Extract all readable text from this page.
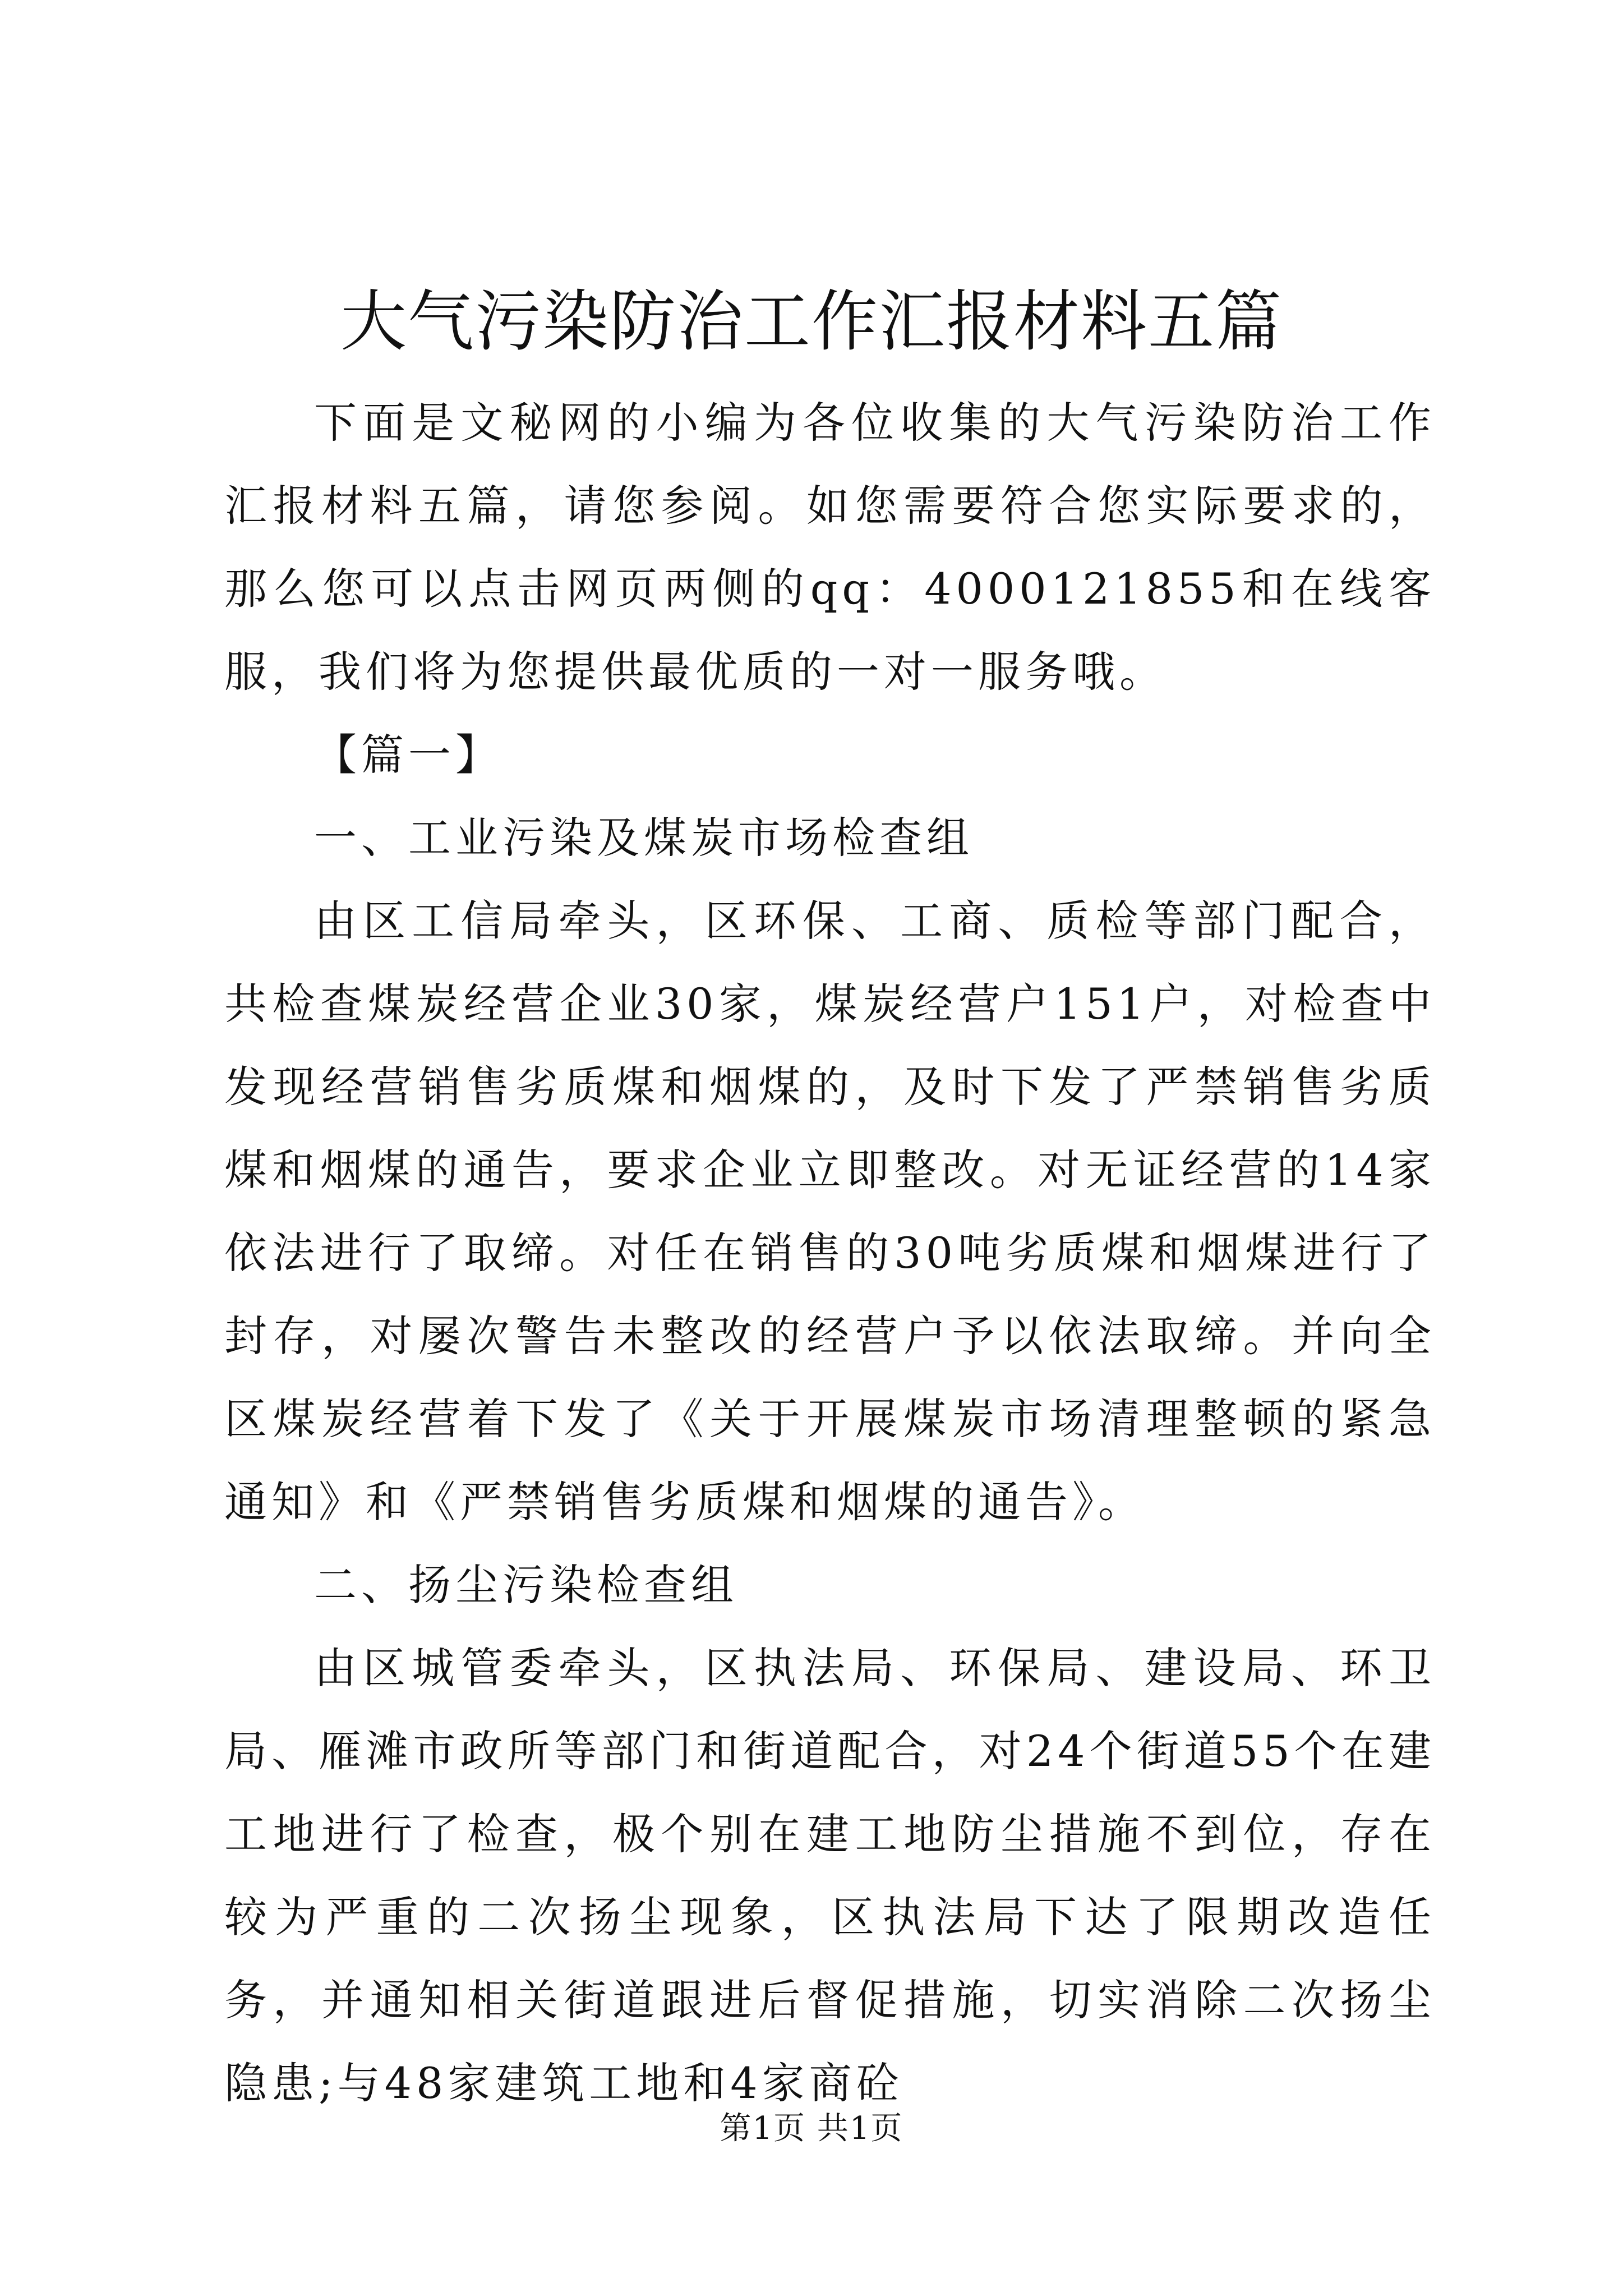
大气污染防治工作汇报材料五篇

下面是文秘网的小编为各位收集的大气污染防治工作汇报材料五篇，请您参阅。如您需要符合您实际要求的，那么您可以点击网页两侧的qq：4000121855和在线客服，我们将为您提供最优质的一对一服务哦。

【篇一】

一、工业污染及煤炭市场检查组

由区工信局牵头，区环保、工商、质检等部门配合，共检查煤炭经营企业30家，煤炭经营户151户，对检查中发现经营销售劣质煤和烟煤的，及时下发了严禁销售劣质煤和烟煤的通告，要求企业立即整改。对无证经营的14家依法进行了取缔。对任在销售的30吨劣质煤和烟煤进行了封存，对屡次警告未整改的经营户予以依法取缔。并向全区煤炭经营着下发了《关于开展煤炭市场清理整顿的紧急通知》和《严禁销售劣质煤和烟煤的通告》。

二、扬尘污染检查组

由区城管委牵头，区执法局、环保局、建设局、环卫局、雁滩市政所等部门和街道配合，对24个街道55个在建工地进行了检查，极个别在建工地防尘措施不到位，存在较为严重的二次扬尘现象，区执法局下达了限期改造任务，并通知相关街道跟进后督促措施，切实消除二次扬尘隐患;与48家建筑工地和4家商砼

第1页 共1页
